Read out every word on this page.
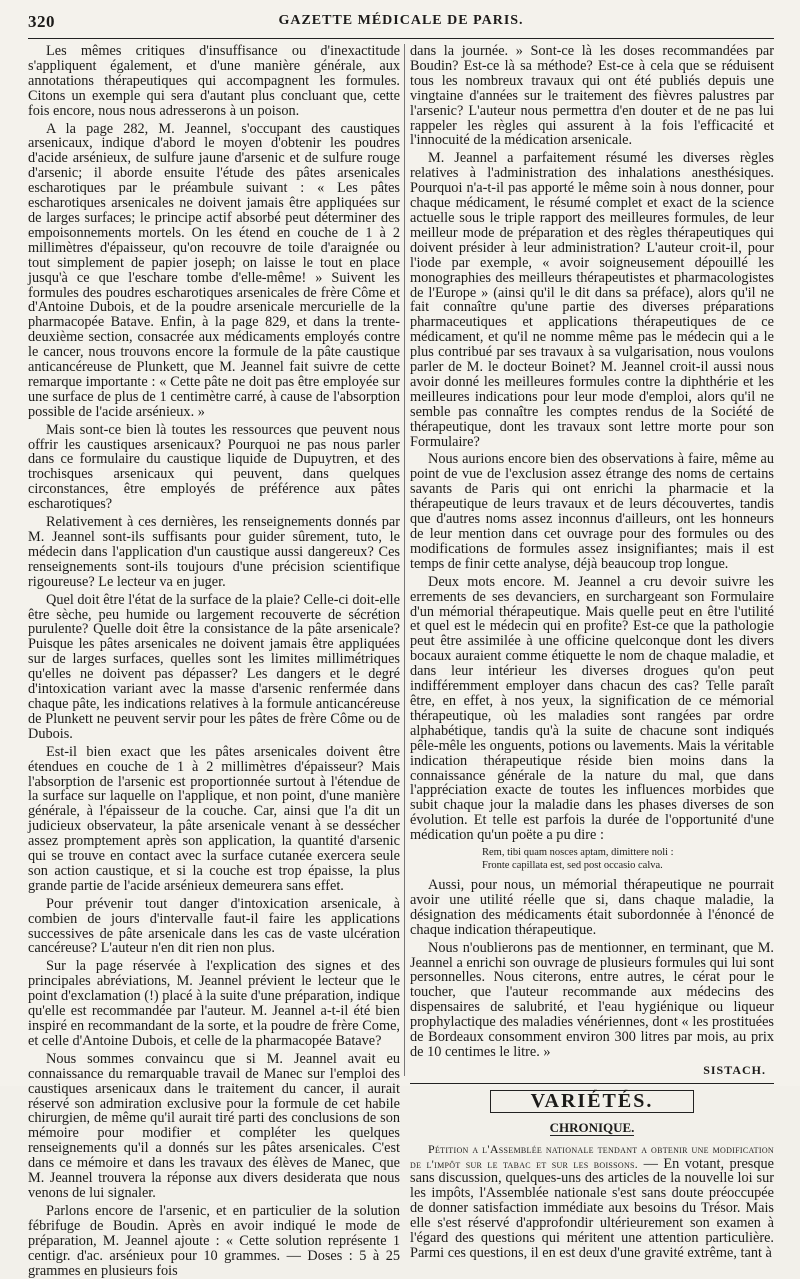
320	GAZETTE MÉDICALE DE PARIS.

Les mêmes critiques d'insuffisance ou d'inexactitude s'appliquent également, et d'une manière générale, aux annotations thérapeutiques qui accompagnent les formules. Citons un exemple qui sera d'autant plus concluant que, cette fois encore, nous nous adresserons à un poison.

A la page 282, M. Jeannel, s'occupant des caustiques arsenicaux, indique d'abord le moyen d'obtenir les poudres d'acide arsénieux, de sulfure jaune d'arsenic et de sulfure rouge d'arsenic; il aborde ensuite l'étude des pâtes arsenicales escharotiques par le préambule suivant : « Les pâtes escharotiques arsenicales ne doivent jamais être appliquées sur de larges surfaces; le principe actif absorbé peut déterminer des empoisonnements mortels. On les étend en couche de 1 à 2 millimètres d'épaisseur, qu'on recouvre de toile d'araignée ou tout simplement de papier joseph; on laisse le tout en place jusqu'à ce que l'eschare tombe d'elle-même! » Suivent les formules des poudres escharotiques arsenicales de frère Côme et d'Antoine Dubois, et de la poudre arsenicale mercurielle de la pharmacopée Batave. Enfin, à la page 829, et dans la trente-deuxième section, consacrée aux médicaments employés contre le cancer, nous trouvons encore la formule de la pâte caustique anticancéreuse de Plunkett, que M. Jeannel fait suivre de cette remarque importante : « Cette pâte ne doit pas être employée sur une surface de plus de 1 centimètre carré, à cause de l'absorption possible de l'acide arsénieux. »

Mais sont-ce bien là toutes les ressources que peuvent nous offrir les caustiques arsenicaux? Pourquoi ne pas nous parler dans ce formulaire du caustique liquide de Dupuytren, et des trochisques arsenicaux qui peuvent, dans quelques circonstances, être employés de préférence aux pâtes escharotiques?

Relativement à ces dernières, les renseignements donnés par M. Jeannel sont-ils suffisants pour guider sûrement, tuto, le médecin dans l'application d'un caustique aussi dangereux? Ces renseignements sont-ils toujours d'une précision scientifique rigoureuse? Le lecteur va en juger.

Quel doit être l'état de la surface de la plaie? Celle-ci doit-elle être sèche, peu humide ou largement recouverte de sécrétion purulente? Quelle doit être la consistance de la pâte arsenicale? Puisque les pâtes arsenicales ne doivent jamais être appliquées sur de larges surfaces, quelles sont les limites millimétriques qu'elles ne doivent pas dépasser? Les dangers et le degré d'intoxication variant avec la masse d'arsenic renfermée dans chaque pâte, les indications relatives à la formule anticancéreuse de Plunkett ne peuvent servir pour les pâtes de frère Côme ou de Dubois.

Est-il bien exact que les pâtes arsenicales doivent être étendues en couche de 1 à 2 millimètres d'épaisseur? Mais l'absorption de l'arsenic est proportionnée surtout à l'étendue de la surface sur laquelle on l'applique, et non point, d'une manière générale, à l'épaisseur de la couche. Car, ainsi que l'a dit un judicieux observateur, la pâte arsenicale venant à se dessécher assez promptement après son application, la quantité d'arsenic qui se trouve en contact avec la surface cutanée exercera seule son action caustique, et si la couche est trop épaisse, la plus grande partie de l'acide arsénieux demeurera sans effet.

Pour prévenir tout danger d'intoxication arsenicale, à combien de jours d'intervalle faut-il faire les applications successives de pâte arsenicale dans les cas de vaste ulcération cancéreuse? L'auteur n'en dit rien non plus.

Sur la page réservée à l'explication des signes et des principales abréviations, M. Jeannel prévient le lecteur que le point d'exclamation (!) placé à la suite d'une préparation, indique qu'elle est recommandée par l'auteur. M. Jeannel a-t-il été bien inspiré en recommandant de la sorte, et la poudre de frère Come, et celle d'Antoine Dubois, et celle de la pharmacopée Batave?

Nous sommes convaincu que si M. Jeannel avait eu connaissance du remarquable travail de Manec sur l'emploi des caustiques arsenicaux dans le traitement du cancer, il aurait réservé son admiration exclusive pour la formule de cet habile chirurgien, de même qu'il aurait tiré parti des conclusions de son mémoire pour modifier et compléter les quelques renseignements qu'il a donnés sur les pâtes arsenicales. C'est dans ce mémoire et dans les travaux des élèves de Manec, que M. Jeannel trouvera la réponse aux divers desiderata que nous venons de lui signaler.

Parlons encore de l'arsenic, et en particulier de la solution fébrifuge de Boudin. Après en avoir indiqué le mode de préparation, M. Jeannel ajoute : « Cette solution représente 1 centigr. d'ac. arsénieux pour 10 grammes. — Doses : 5 à 25 grammes en plusieurs fois

dans la journée. » Sont-ce là les doses recommandées par Boudin? Est-ce là sa méthode? Est-ce à cela que se réduisent tous les nombreux travaux qui ont été publiés depuis une vingtaine d'années sur le traitement des fièvres palustres par l'arsenic? L'auteur nous permettra d'en douter et de ne pas lui rappeler les règles qui assurent à la fois l'efficacité et l'innocuité de la médication arsenicale.

M. Jeannel a parfaitement résumé les diverses règles relatives à l'administration des inhalations anesthésiques. Pourquoi n'a-t-il pas apporté le même soin à nous donner, pour chaque médicament, le résumé complet et exact de la science actuelle sous le triple rapport des meilleures formules, de leur meilleur mode de préparation et des règles thérapeutiques qui doivent présider à leur administration? L'auteur croit-il, pour l'iode par exemple, « avoir soigneusement dépouillé les monographies des meilleurs thérapeutistes et pharmacologistes de l'Europe » (ainsi qu'il le dit dans sa préface), alors qu'il ne fait connaître qu'une partie des diverses préparations pharmaceutiques et applications thérapeutiques de ce médicament, et qu'il ne nomme même pas le médecin qui a le plus contribué par ses travaux à sa vulgarisation, nous voulons parler de M. le docteur Boinet? M. Jeannel croit-il aussi nous avoir donné les meilleures formules contre la diphthérie et les meilleures indications pour leur mode d'emploi, alors qu'il ne semble pas connaître les comptes rendus de la Société de thérapeutique, dont les travaux sont lettre morte pour son Formulaire?

Nous aurions encore bien des observations à faire, même au point de vue de l'exclusion assez étrange des noms de certains savants de Paris qui ont enrichi la pharmacie et la thérapeutique de leurs travaux et de leurs découvertes, tandis que d'autres noms assez inconnus d'ailleurs, ont les honneurs de leur mention dans cet ouvrage pour des formules ou des modifications de formules assez insignifiantes; mais il est temps de finir cette analyse, déjà beaucoup trop longue.

Deux mots encore. M. Jeannel a cru devoir suivre les errements de ses devanciers, en surchargeant son Formulaire d'un mémorial thérapeutique. Mais quelle peut en être l'utilité et quel est le médecin qui en profite? Est-ce que la pathologie peut être assimilée à une officine quelconque dont les divers bocaux auraient comme étiquette le nom de chaque maladie, et dans leur intérieur les diverses drogues qu'on peut indifféremment employer dans chacun des cas? Telle paraît être, en effet, à nos yeux, la signification de ce mémorial thérapeutique, où les maladies sont rangées par ordre alphabétique, tandis qu'à la suite de chacune sont indiqués pêle-mêle les onguents, potions ou lavements. Mais la véritable indication thérapeutique réside bien moins dans la connaissance générale de la nature du mal, que dans l'appréciation exacte de toutes les influences morbides que subit chaque jour la maladie dans les phases diverses de son évolution. Et telle est parfois la durée de l'opportunité d'une médication qu'un poëte a pu dire :

Rem, tibi quam nosces aptam, dimittere noli :
Fronte capillata est, sed post occasio calva.

Aussi, pour nous, un mémorial thérapeutique ne pourrait avoir une utilité réelle que si, dans chaque maladie, la désignation des médicaments était subordonnée à l'énoncé de chaque indication thérapeutique.

Nous n'oublierons pas de mentionner, en terminant, que M. Jeannel a enrichi son ouvrage de plusieurs formules qui lui sont personnelles. Nous citerons, entre autres, le cérat pour le toucher, que l'auteur recommande aux médecins des dispensaires de salubrité, et l'eau hygiénique ou liqueur prophylactique des maladies vénériennes, dont « les prostituées de Bordeaux consomment environ 300 litres par mois, au prix de 10 centimes le litre. »

SISTACH.
VARIÉTÉS.
CHRONIQUE.

Pétition a l'Assemblée nationale tendant a obtenir une modification de l'impôt sur le tabac et sur les boissons. — En votant, presque sans discussion, quelques-uns des articles de la nouvelle loi sur les impôts, l'Assemblée nationale s'est sans doute préoccupée de donner satisfaction immédiate aux besoins du Trésor. Mais elle s'est réservé d'approfondir ultérieurement son examen à l'égard des questions qui méritent une attention particulière. Parmi ces questions, il en est deux d'une gravité extrême, tant à
